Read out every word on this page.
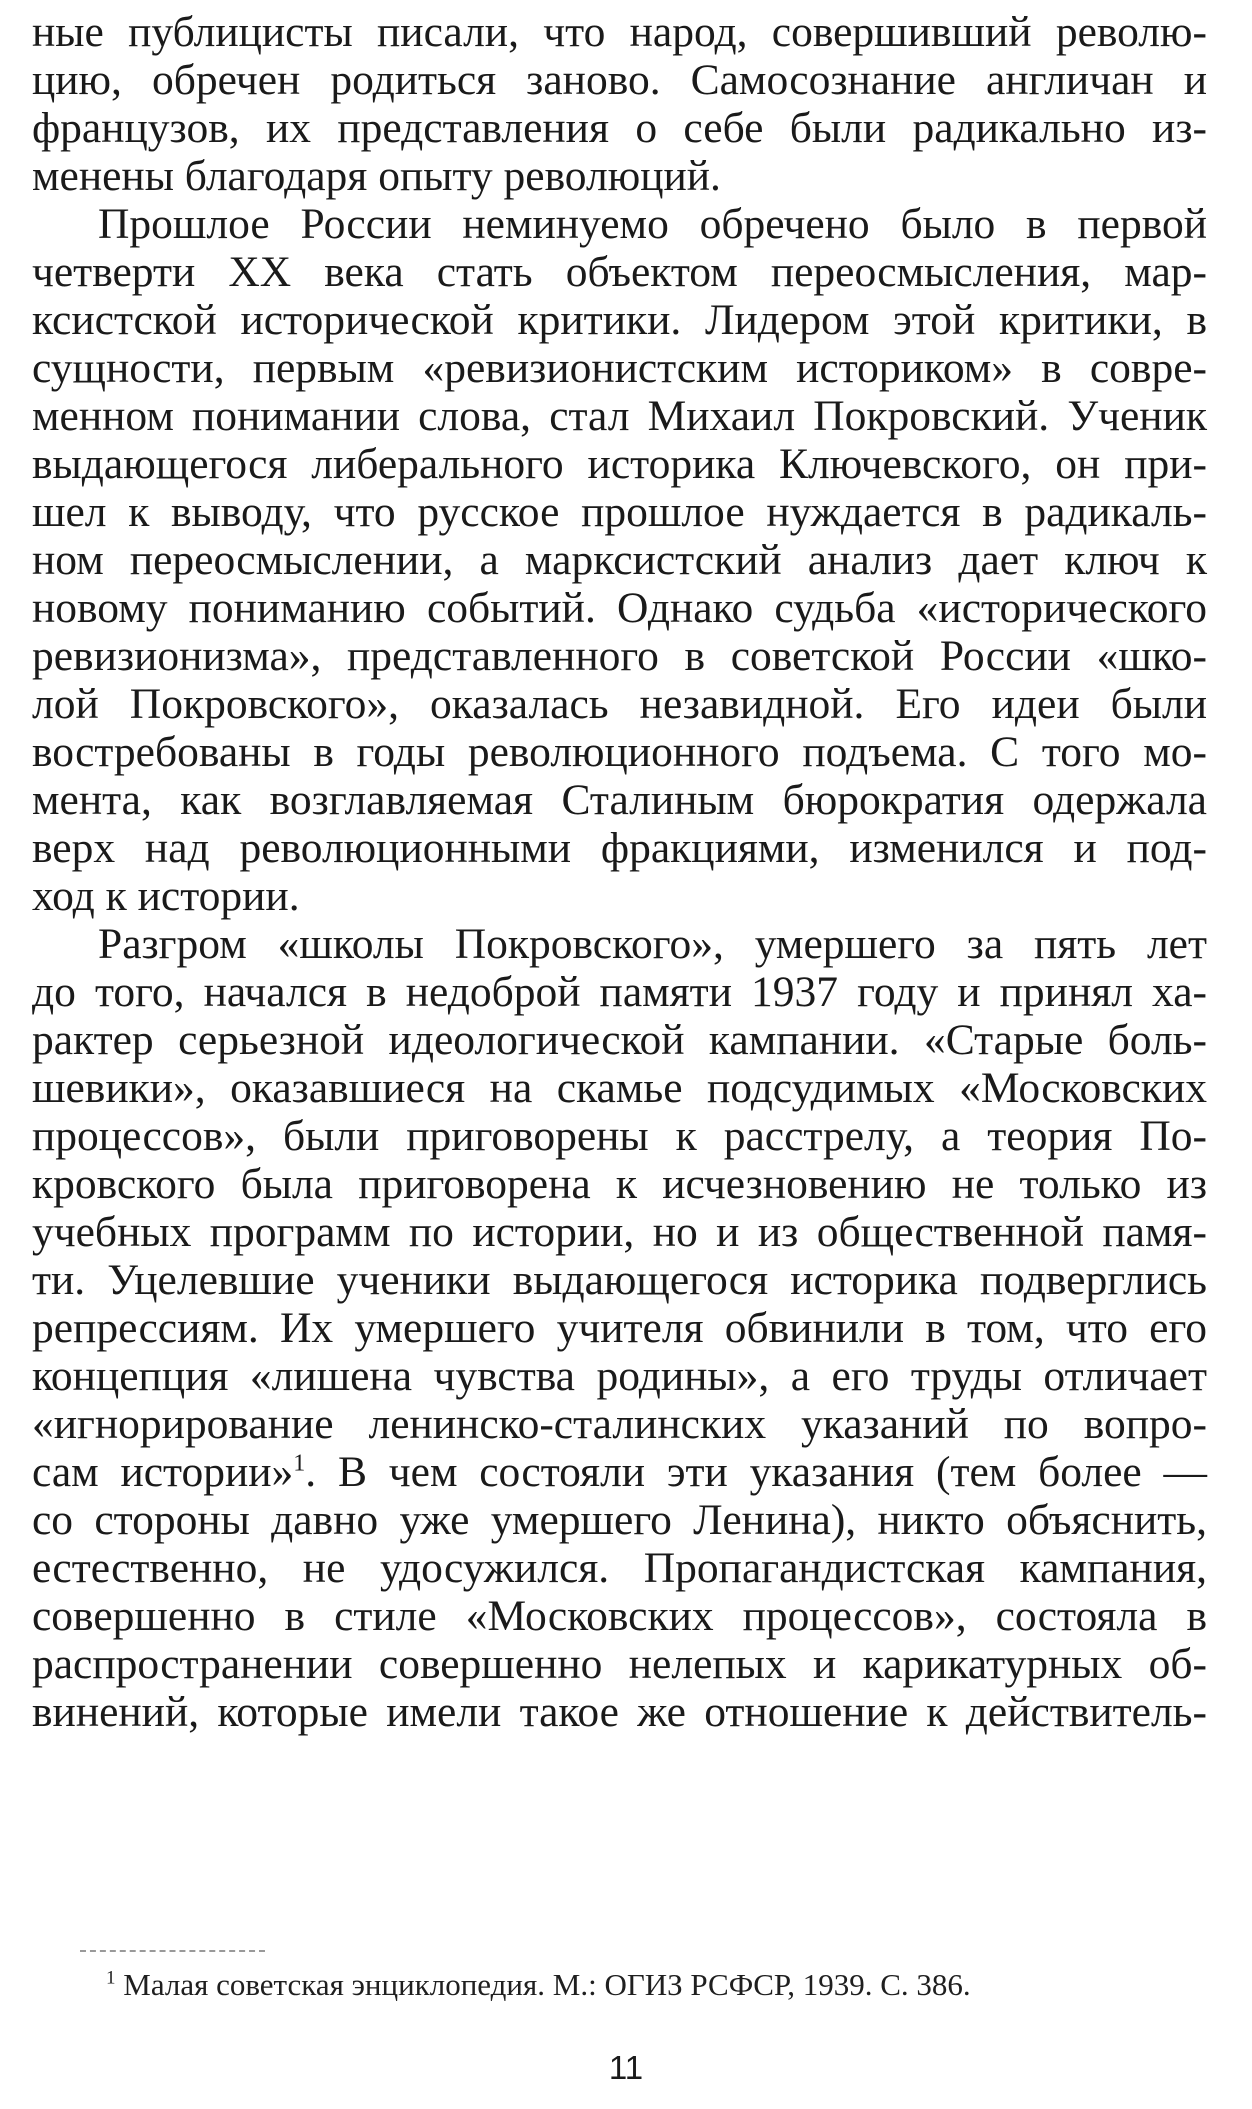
ные публицисты писали, что народ, совершивший револю-
цию, обречен родиться заново. Самосознание англичан и
французов, их представления о себе были радикально из-
менены благодаря опыту революций.
Прошлое России неминуемо обречено было в первой
четверти XX века стать объектом переосмысления, мар-
ксистской исторической критики. Лидером этой критики, в
сущности, первым «ревизионистским историком» в совре-
менном понимании слова, стал Михаил Покровский. Ученик
выдающегося либерального историка Ключевского, он при-
шел к выводу, что русское прошлое нуждается в радикаль-
ном переосмыслении, а марксистский анализ дает ключ к
новому пониманию событий. Однако судьба «исторического
ревизионизма», представленного в советской России «шко-
лой Покровского», оказалась незавидной. Его идеи были
востребованы в годы революционного подъема. С того мо-
мента, как возглавляемая Сталиным бюрократия одержала
верх над революционными фракциями, изменился и под-
ход к истории.
Разгром «школы Покровского», умершего за пять лет
до того, начался в недоброй памяти 1937 году и принял ха-
рактер серьезной идеологической кампании. «Старые боль-
шевики», оказавшиеся на скамье подсудимых «Московских
процессов», были приговорены к расстрелу, а теория По-
кровского была приговорена к исчезновению не только из
учебных программ по истории, но и из общественной памя-
ти. Уцелевшие ученики выдающегося историка подверглись
репрессиям. Их умершего учителя обвинили в том, что его
концепция «лишена чувства родины», а его труды отличает
«игнорирование ленинско-сталинских указаний по вопро-
сам истории»$^1$. В чем состояли эти указания (тем более —
со стороны давно уже умершего Ленина), никто объяснить,
естественно, не удосужился. Пропагандистская кампания,
совершенно в стиле «Московских процессов», состояла в
распространении совершенно нелепых и карикатурных об-
винений, которые имели такое же отношение к действитель-
$^1$ Малая советская энциклопедия. М.: ОГИЗ РСФСР, 1939. С. 386.
11
